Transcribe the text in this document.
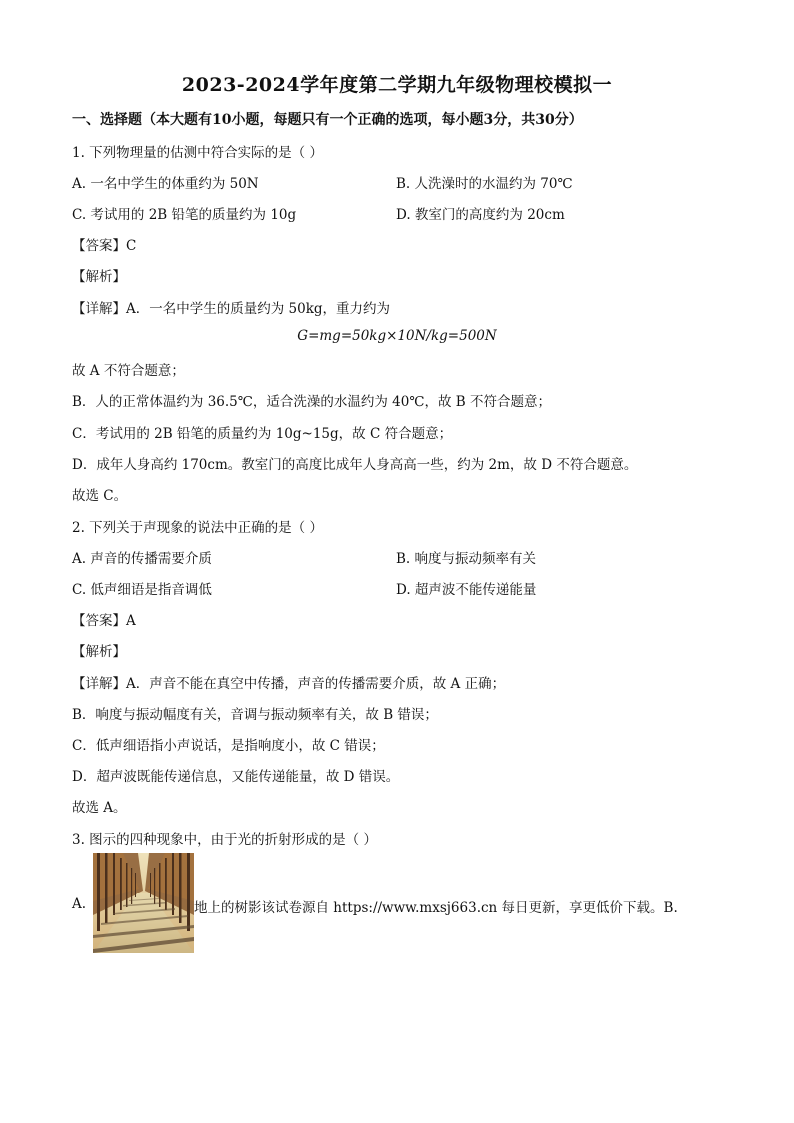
2023-2024学年度第二学期九年级物理校模拟一
一、选择题（本大题有10小题，每题只有一个正确的选项，每小题3分，共30分）
1. 下列物理量的估测中符合实际的是（ ）
A. 一名中学生的体重约为 50N	B. 人洗澡时的水温约为 70℃
C. 考试用的 2B 铅笔的质量约为 10g	D. 教室门的高度约为 20cm
【答案】C
【解析】
【详解】A．一名中学生的质量约为 50kg，重力约为
G=mg=50kg×10N/kg=500N
故 A 不符合题意；
B．人的正常体温约为 36.5℃，适合洗澡的水温约为 40℃，故 B 不符合题意；
C．考试用的 2B 铅笔的质量约为 10g~15g，故 C 符合题意；
D．成年人身高约 170cm。教室门的高度比成年人身高高一些，约为 2m，故 D 不符合题意。
故选 C。
2. 下列关于声现象的说法中正确的是（ ）
A. 声音的传播需要介质	B. 响度与振动频率有关
C. 低声细语是指音调低	D. 超声波不能传递能量
【答案】A
【解析】
【详解】A．声音不能在真空中传播，声音的传播需要介质，故 A 正确；
B．响度与振动幅度有关，音调与振动频率有关，故 B 错误；
C．低声细语指小声说话，是指响度小，故 C 错误；
D．超声波既能传递信息，又能传递能量，故 D 错误。
故选 A。
3. 图示的四种现象中，由于光的折射形成的是（ ）
A.	地上的树影该试卷源自 https://www.mxsj663.cn 每日更新，享更低价下载。B.
